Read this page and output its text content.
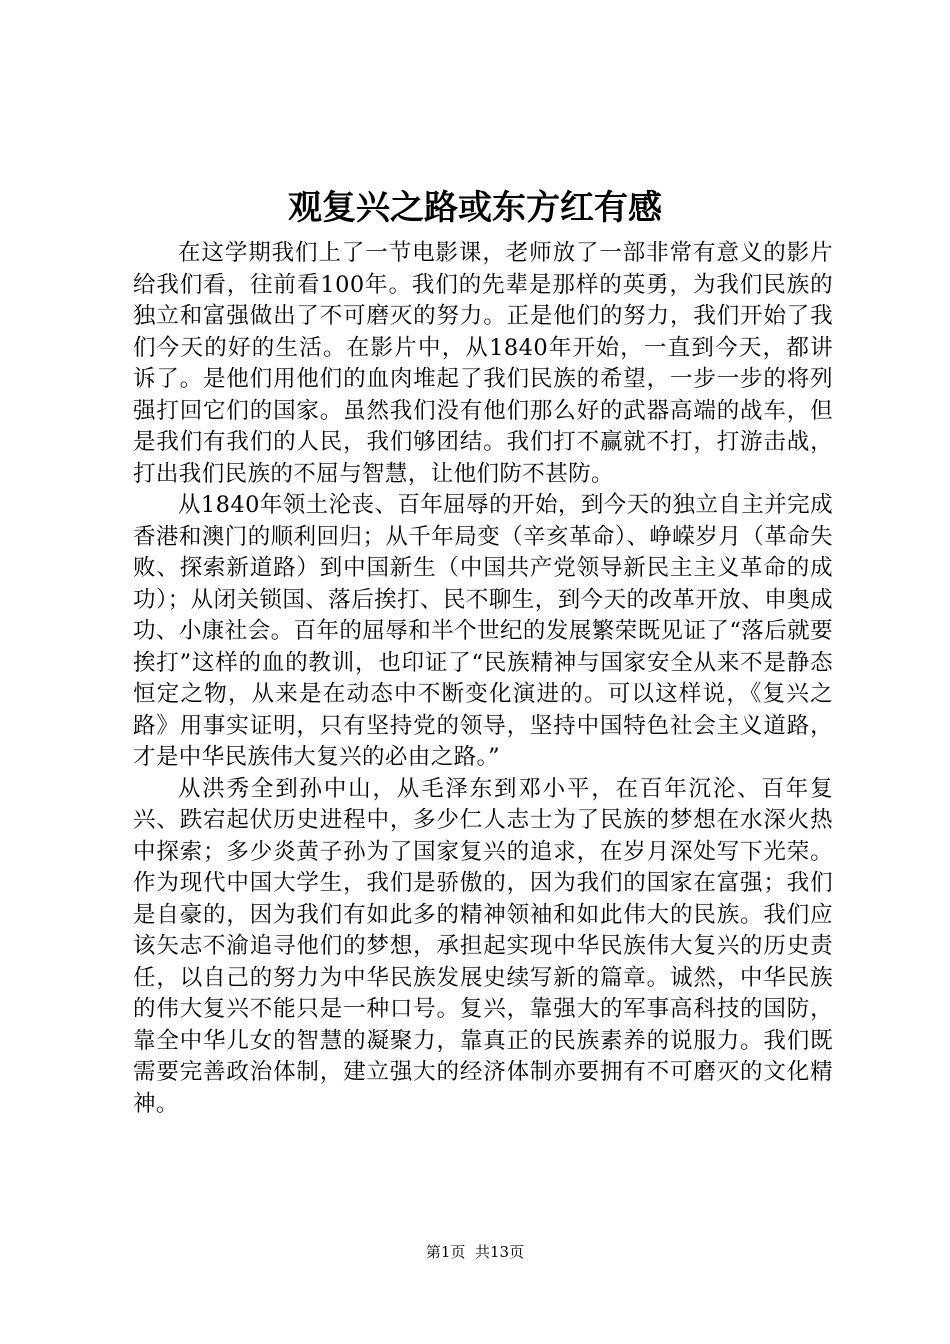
观复兴之路或东方红有感

在这学期我们上了一节电影课，老师放了一部非常有意义的影片给我们看，往前看100年。我们的先辈是那样的英勇，为我们民族的独立和富强做出了不可磨灭的努力。正是他们的努力，我们开始了我们今天的好的生活。在影片中，从1840年开始，一直到今天，都讲诉了。是他们用他们的血肉堆起了我们民族的希望，一步一步的将列强打回它们的国家。虽然我们没有他们那么好的武器高端的战车，但是我们有我们的人民，我们够团结。我们打不赢就不打，打游击战，打出我们民族的不屈与智慧，让他们防不甚防。

从1840年领土沦丧、百年屈辱的开始，到今天的独立自主并完成香港和澳门的顺利回归；从千年局变（辛亥革命）、峥嵘岁月（革命失败、探索新道路）到中国新生（中国共产党领导新民主主义革命的成功）；从闭关锁国、落后挨打、民不聊生，到今天的改革开放、申奥成功、小康社会。百年的屈辱和半个世纪的发展繁荣既见证了“落后就要挨打”这样的血的教训，也印证了“民族精神与国家安全从来不是静态恒定之物，从来是在动态中不断变化演进的。可以这样说，《复兴之路》用事实证明，只有坚持党的领导，坚持中国特色社会主义道路，才是中华民族伟大复兴的必由之路。”

从洪秀全到孙中山，从毛泽东到邓小平，在百年沉沦、百年复兴、跌宕起伏历史进程中，多少仁人志士为了民族的梦想在水深火热中探索；多少炎黄子孙为了国家复兴的追求，在岁月深处写下光荣。作为现代中国大学生，我们是骄傲的，因为我们的国家在富强；我们是自豪的，因为我们有如此多的精神领袖和如此伟大的民族。我们应该矢志不渝追寻他们的梦想，承担起实现中华民族伟大复兴的历史责任，以自己的努力为中华民族发展史续写新的篇章。诚然，中华民族的伟大复兴不能只是一种口号。复兴，靠强大的军事高科技的国防，靠全中华儿女的智慧的凝聚力，靠真正的民族素养的说服力。我们既需要完善政治体制，建立强大的经济体制亦要拥有不可磨灭的文化精神。

第1页 共13页
